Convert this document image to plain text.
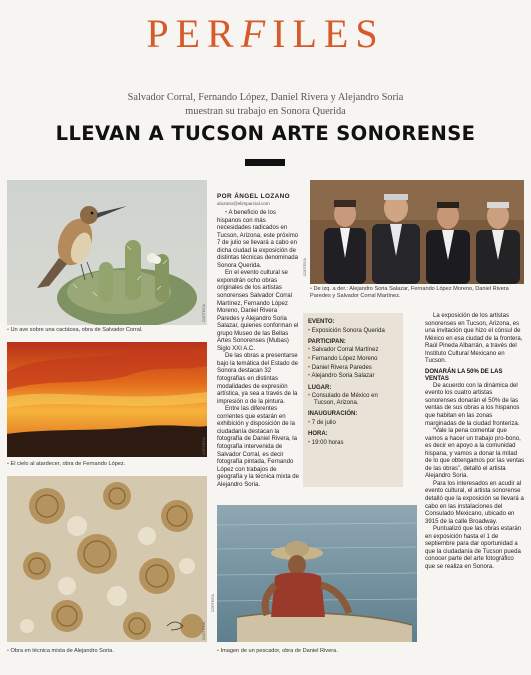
PERFILES
Salvador Corral, Fernando López, Daniel Rivera y Alejandro Soria
muestran su trabajo en Sonora Querida
LLEVAN A TUCSON ARTE SONORENSE
CORTESÍA
• Un ave sobre una cactácea, obra de Salvador Corral.
CORTESÍA
• El cielo al atardecer, obra de Fernando López.
CORTESÍA
• Obra en técnica mixta de Alejandro Soria.
POR ÁNGEL LOZANO
alozano@elimparcial.com

• A beneficio de los hispanos con más necesidades radicados en Tucson, Arizona, este próximo 7 de julio se llevará a cabo en dicha ciudad la exposición de distintas técnicas denominada Sonora Querida.

En el evento cultural se expondrán ocho obras originales de los artistas sonorenses Salvador Corral Martínez, Fernando López Moreno, Daniel Rivera Paredes y Alejandro Soria Salazar, quienes conforman el grupo Museo de las Bellas Artes Sonorenses (Mubas) Siglo XXI A.C.

De las obras a presentarse bajo la temática del Estado de Sonora destacan 32 fotografías en distintas modalidades de expresión artística, ya sea a través de la impresión o de la pintura.

Entre las diferentes corrientes que estarán en exhibición y disposición de la ciudadanía destacan la fotografía de Daniel Rivera, la fotografía intervenida de Salvador Corral, es decir fotografía pintada, Fernando López con trabajos de geografía y la técnica mixta de Alejandro Soria.

CORTESÍA
• Imagen de un pescador, obra de Daniel Rivera.
CORTESÍA
• De izq. a der.: Alejandro Soria Salazar, Fernando López Moreno, Daniel Rivera Paredes y Salvador Corral Martínez.
EVENTO:
• Exposición Sonora Querida
PARTICIPAN:
• Salvador Corral Martínez
• Fernando López Moreno
• Daniel Rivera Paredes
• Alejandro Soria Salazar
LUGAR:
• Consulado de México en Tucson, Arizona.
INAUGURACIÓN:
• 7 de julio
HORA:
• 19:00 horas

La exposición de los artistas sonorenses en Tucson, Arizona, es una invitación que hizo el cónsul de México en esa ciudad de la frontera, Raúl Pineda Albarrán, a través del Instituto Cultural Mexicano en Tucson.

DONARÁN LA 50% DE LAS VENTAS

De acuerdo con la dinámica del evento los cuatro artistas sonorenses donarán el 50% de las ventas de sus obras a los hispanos que habitan en las zonas marginadas de la ciudad fronteriza.

“Vale la pena comentar que vamos a hacer un trabajo pro-bono, es decir en apoyo a la comunidad hispana, y vamos a donar la mitad de lo que obtengamos por las ventas de las obras”, detalló el artista Alejandro Soria.

Para los interesados en acudir al evento cultural, el artista sonorense detalló que la exposición se llevará a cabo en las instalaciones del Consulado Mexicano, ubicado en 3915 de la calle Broadway.

Puntualizó que las obras estarán en exposición hasta el 1 de septiembre para dar oportunidad a que la ciudadanía de Tucson pueda conocer parte del arte fotográfico que se realiza en Sonora.
